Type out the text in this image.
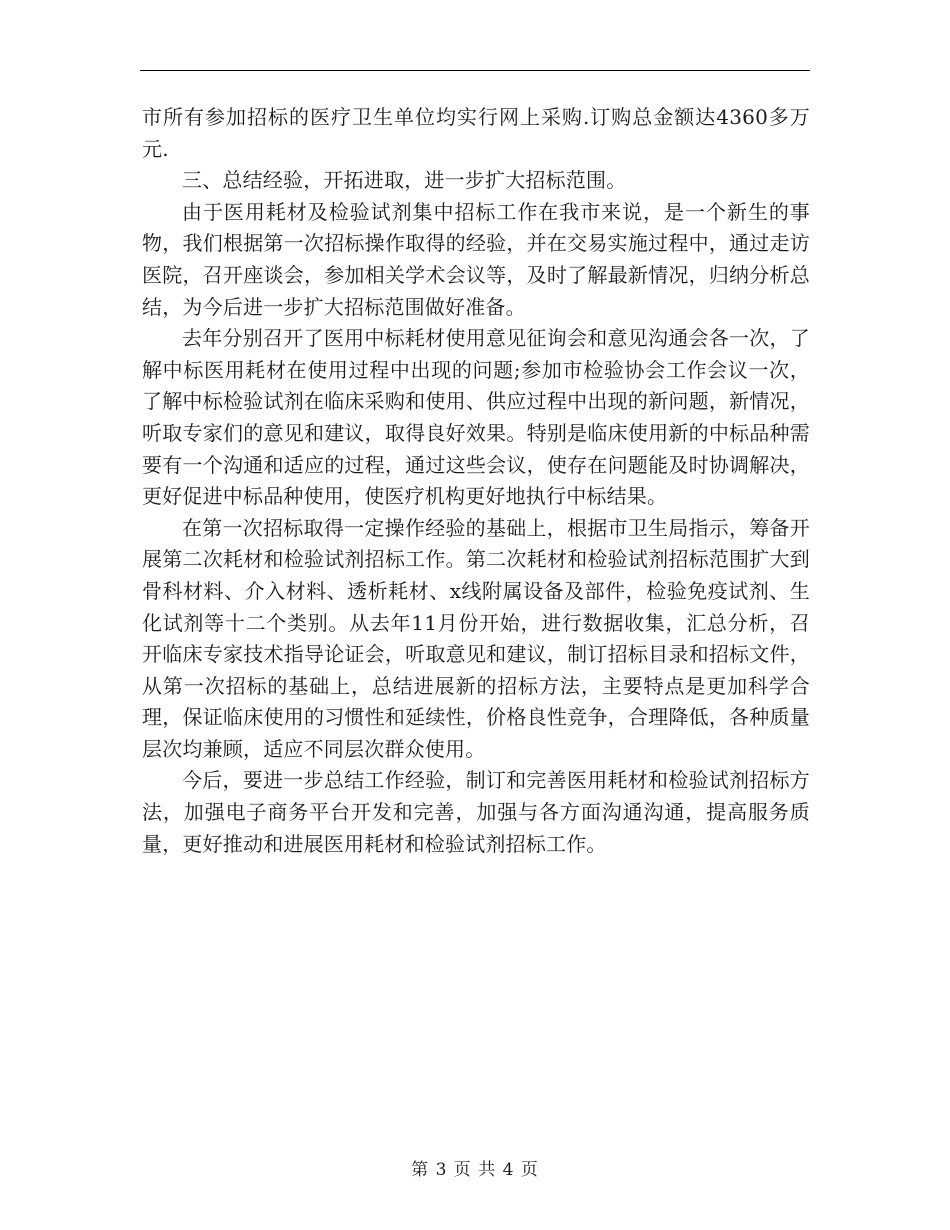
市所有参加招标的医疗卫生单位均实行网上采购.订购总金额达4360多万元.

三、总结经验，开拓进取，进一步扩大招标范围。

由于医用耗材及检验试剂集中招标工作在我市来说，是一个新生的事物，我们根据第一次招标操作取得的经验，并在交易实施过程中，通过走访医院，召开座谈会，参加相关学术会议等，及时了解最新情况，归纳分析总结，为今后进一步扩大招标范围做好准备。

去年分别召开了医用中标耗材使用意见征询会和意见沟通会各一次，了解中标医用耗材在使用过程中出现的问题;参加市检验协会工作会议一次，了解中标检验试剂在临床采购和使用、供应过程中出现的新问题，新情况，听取专家们的意见和建议，取得良好效果。特别是临床使用新的中标品种需要有一个沟通和适应的过程，通过这些会议，使存在问题能及时协调解决，更好促进中标品种使用，使医疗机构更好地执行中标结果。

在第一次招标取得一定操作经验的基础上，根据市卫生局指示，筹备开展第二次耗材和检验试剂招标工作。第二次耗材和检验试剂招标范围扩大到骨科材料、介入材料、透析耗材、x线附属设备及部件，检验免疫试剂、生化试剂等十二个类别。从去年11月份开始，进行数据收集，汇总分析，召开临床专家技术指导论证会，听取意见和建议，制订招标目录和招标文件，从第一次招标的基础上，总结进展新的招标方法，主要特点是更加科学合理，保证临床使用的习惯性和延续性，价格良性竞争，合理降低，各种质量层次均兼顾，适应不同层次群众使用。

今后，要进一步总结工作经验，制订和完善医用耗材和检验试剂招标方法，加强电子商务平台开发和完善，加强与各方面沟通沟通，提高服务质量，更好推动和进展医用耗材和检验试剂招标工作。

第 3 页 共 4 页
